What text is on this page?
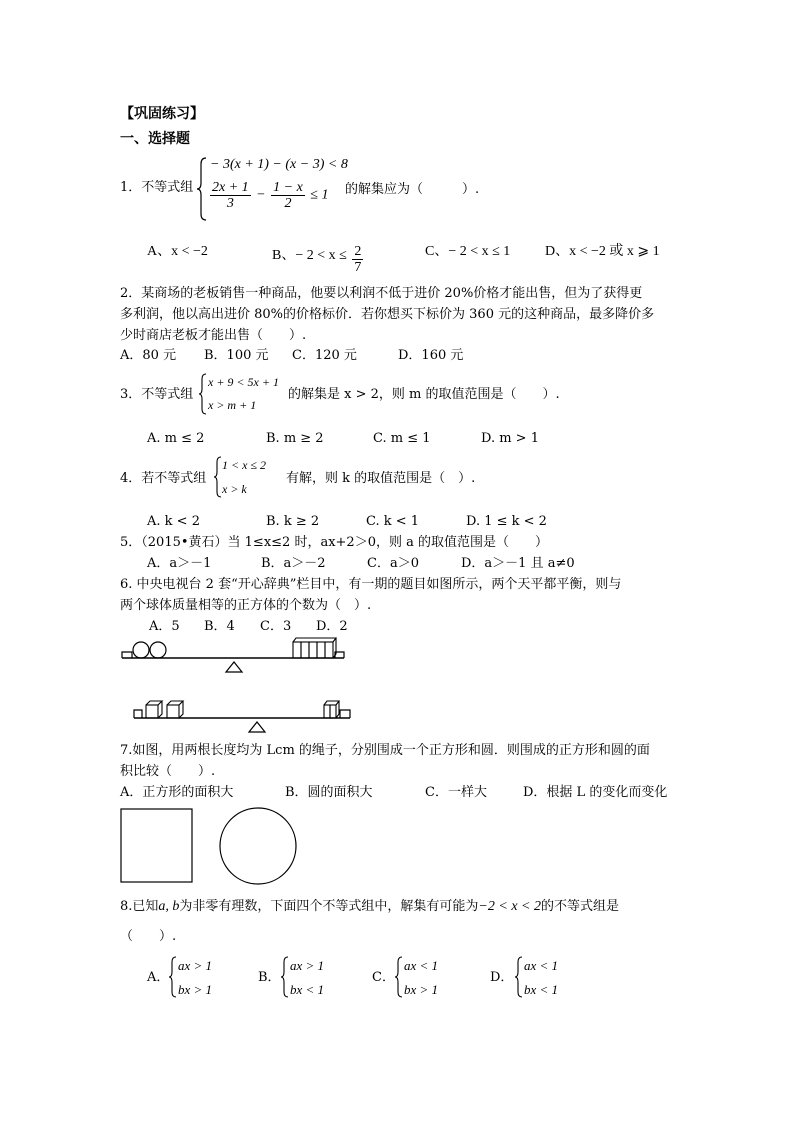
【巩固练习】
一、选择题
1．不等式组
− 3(x + 1) − (x − 3) < 8
$\frac{2x + 1}{3} - \frac{1 - x}{2} \le 1$ 的解集应为（　　　）.
A、x < −2	B、− $2 < x \le \frac{2}{7}$	C、− 2 < x ≤ 1 D、x < −2 或 x ⩾ 1
2．某商场的老板销售一种商品，他要以利润不低于进价 20%价格才能出售，但为了获得更
多利润，他以高出进价 80%的价格标价．若你想买下标价为 360 元的这种商品，最多降价多
少时商店老板才能出售（　　）.
A．80 元 B．100 元 C．120 元	D．160 元
3．不等式组
x + 9 < 5x + 1
x > m + 1
的解集是 x > 2，则 m 的取值范围是（　　）.
A. m ≤ 2	B. m ≥ 2	C. m ≤ 1	D. m > 1
4．若不等式组
1 < x ≤ 2
x > k
有解，则 k 的取值范围是（　）.
A. k < 2	B. k ≥ 2	C. k < 1	D. 1 ≤ k < 2
5．（2015•黄石）当 1≤x≤2 时，ax+2＞0，则 a 的取值范围是（　　）
A．a＞－1	B．a＞－2	C．a＞0	D．a＞－1 且 a≠0
6. 中央电视台 2 套“开心辞典”栏目中，有一期的题目如图所示，两个天平都平衡，则与
两个球体质量相等的正方体的个数为（　）.
A．5 B．4 C．3 D．2
7.如图，用两根长度均为 Lcm 的绳子，分别围成一个正方形和圆．则围成的正方形和圆的面
积比较（　　）.
A．正方形的面积大	B．圆的面积大	C．一样大	D．根据 L 的变化而变化
8.已知a, b为非零有理数，下面四个不等式组中，解集有可能为−2 < x < 2的不等式组是
（　　）.
A．
ax > 1
bx > 1
B．
ax > 1
bx < 1
C．
ax < 1
bx > 1
D．
ax < 1
bx < 1
